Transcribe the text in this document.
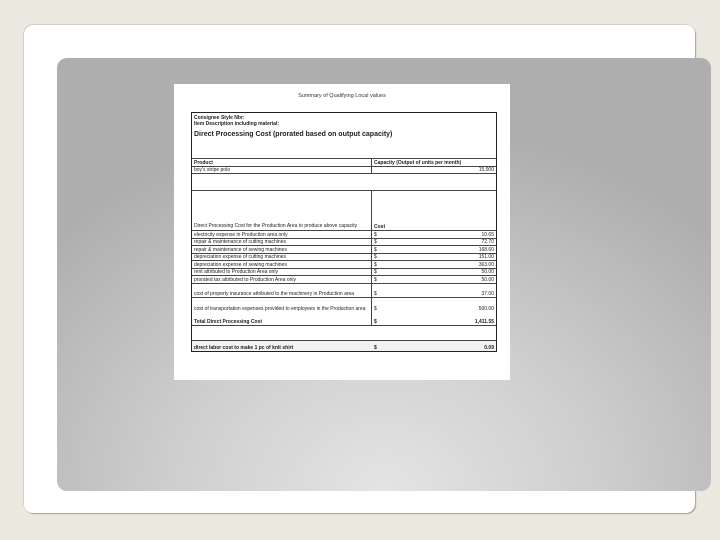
Summary of Qualifying Local values
Consignee Style Nbr:
Item Description including material:
Direct Processing Cost (prorated based on output capacity)
Product	Capacity (Output of units per month)
boy's stripe polo	15,000
Direct Processing Cost for the Production Area to produce above capacity	Cost
electricity expense in Production area only	$	10.65
repair & maintenance of cutting machines	$	72.70
repair & maintenance of sewing machines	$	168.60
depreciation expense of cutting machines	$	151.00
depreciation expense of sewing machines	$	363.00
rent attributed to Production Area only	$	50.00
prorated tax attributed to Production Area only	$	50.00
cost of property insurance attributed to the machinery in Production area	$	37.00
cost of transportation expenses provided to employees in the Production area	$	500.00
Total Direct Processing Cost	$	1,411.55
direct labor cost to make 1 pc of knit shirt	$	0.09
